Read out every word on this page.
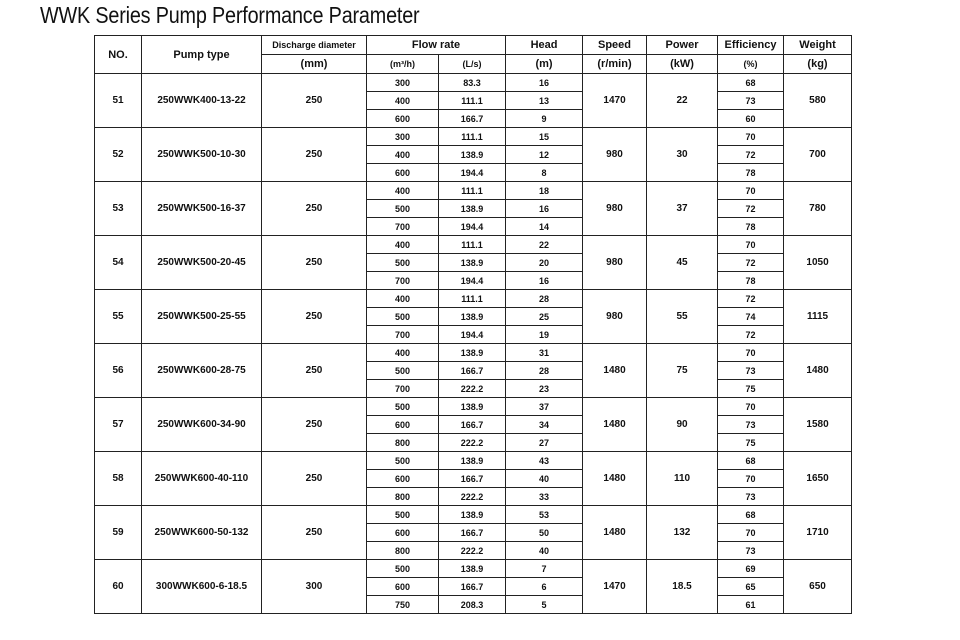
WWK Series Pump Performance Parameter
NO.	Pump type	Discharge diameter	Flow rate		Head	Speed	Power	Efficiency	Weight
		(mm)	(m³/h)	(L/s)	(m)	(r/min)	(kW)	(%)	(kg)
51	250WWK400-13-22	250	300	83.3	16	1470	22	68	580
			400	111.1	13			73	
			600	166.7	9			60	
52	250WWK500-10-30	250	300	111.1	15	980	30	70	700
			400	138.9	12			72	
			600	194.4	8			78	
53	250WWK500-16-37	250	400	111.1	18	980	37	70	780
			500	138.9	16			72	
			700	194.4	14			78	
54	250WWK500-20-45	250	400	111.1	22	980	45	70	1050
			500	138.9	20			72	
			700	194.4	16			78	
55	250WWK500-25-55	250	400	111.1	28	980	55	72	1115
			500	138.9	25			74	
			700	194.4	19			72	
56	250WWK600-28-75	250	400	138.9	31	1480	75	70	1480
			500	166.7	28			73	
			700	222.2	23			75	
57	250WWK600-34-90	250	500	138.9	37	1480	90	70	1580
			600	166.7	34			73	
			800	222.2	27			75	
58	250WWK600-40-110	250	500	138.9	43	1480	110	68	1650
			600	166.7	40			70	
			800	222.2	33			73	
59	250WWK600-50-132	250	500	138.9	53	1480	132	68	1710
			600	166.7	50			70	
			800	222.2	40			73	
60	300WWK600-6-18.5	300	500	138.9	7	1470	18.5	69	650
			600	166.7	6			65	
			750	208.3	5			61	
